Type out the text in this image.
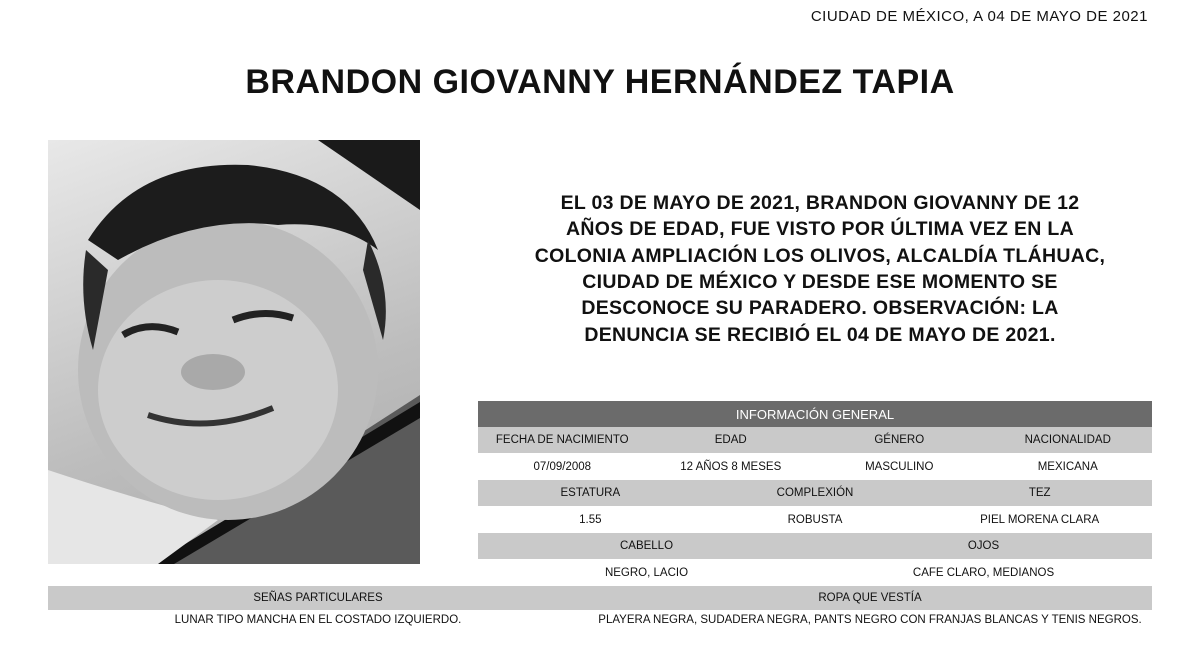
CIUDAD DE MÉXICO, A 04 DE MAYO DE 2021
BRANDON GIOVANNY HERNÁNDEZ TAPIA
EL 03 DE MAYO DE 2021, BRANDON GIOVANNY DE 12
AÑOS DE EDAD, FUE VISTO POR ÚLTIMA VEZ EN LA
COLONIA AMPLIACIÓN LOS OLIVOS, ALCALDÍA TLÁHUAC,
CIUDAD DE MÉXICO Y DESDE ESE MOMENTO SE
DESCONOCE SU PARADERO. OBSERVACIÓN: LA
DENUNCIA SE RECIBIÓ EL 04 DE MAYO DE 2021.
INFORMACIÓN GENERAL
FECHA DE NACIMIENTO	EDAD	GÉNERO	NACIONALIDAD
07/09/2008	12 AÑOS 8 MESES	MASCULINO	MEXICANA
ESTATURA	COMPLEXIÓN	TEZ
1.55	ROBUSTA	PIEL MORENA CLARA
CABELLO	OJOS
NEGRO, LACIO	CAFE CLARO, MEDIANOS
SEÑAS PARTICULARES	ROPA QUE VESTÍA
LUNAR TIPO MANCHA EN EL COSTADO IZQUIERDO.	PLAYERA NEGRA, SUDADERA NEGRA, PANTS NEGRO CON FRANJAS BLANCAS Y TENIS NEGROS.
